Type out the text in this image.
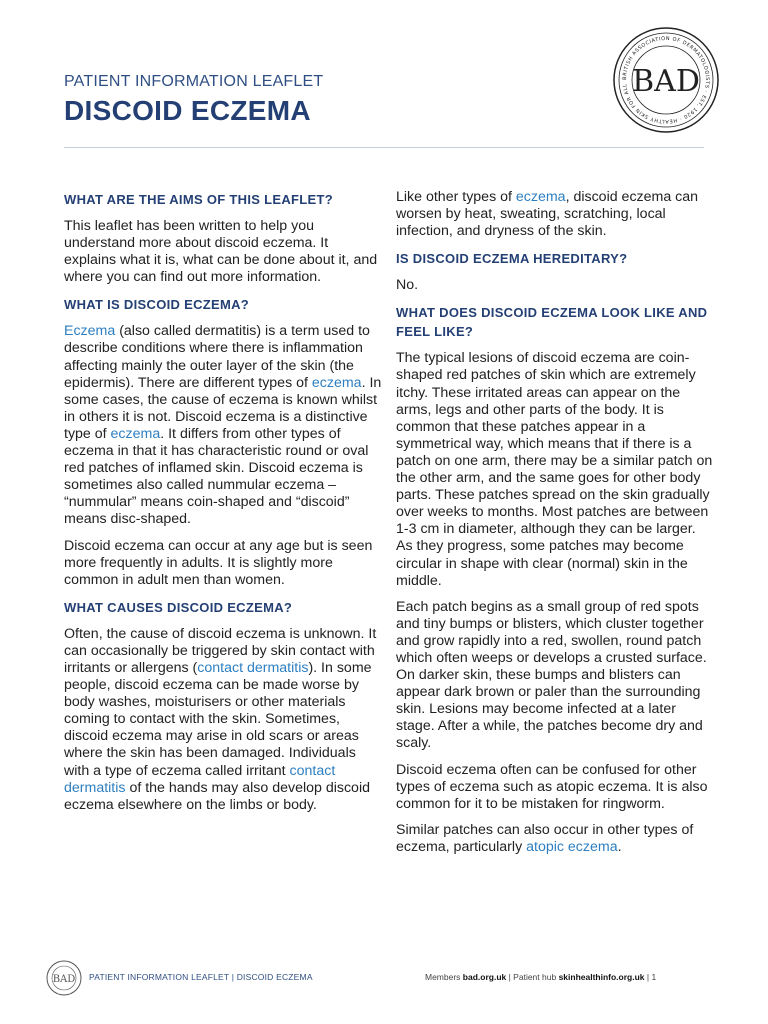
PATIENT INFORMATION LEAFLET
DISCOID ECZEMA
BRITISH ASSOCIATION OF DERMATOLOGISTS · EST. 1920 · HEALTHY SKIN FOR ALL BAD
WHAT ARE THE AIMS OF THIS LEAFLET?

This leaflet has been written to help you understand more about discoid eczema. It explains what it is, what can be done about it, and where you can find out more information.

WHAT IS DISCOID ECZEMA?

Eczema (also called dermatitis) is a term used to describe conditions where there is inflammation affecting mainly the outer layer of the skin (the epidermis). There are different types of eczema. In some cases, the cause of eczema is known whilst in others it is not. Discoid eczema is a distinctive type of eczema. It differs from other types of eczema in that it has characteristic round or oval red patches of inflamed skin. Discoid eczema is sometimes also called nummular eczema – “nummular” means coin-shaped and “discoid” means disc-shaped.

Discoid eczema can occur at any age but is seen more frequently in adults. It is slightly more common in adult men than women.

WHAT CAUSES DISCOID ECZEMA?

Often, the cause of discoid eczema is unknown. It can occasionally be triggered by skin contact with irritants or allergens (contact dermatitis). In some people, discoid eczema can be made worse by body washes, moisturisers or other materials coming to contact with the skin. Sometimes, discoid eczema may arise in old scars or areas where the skin has been damaged. Individuals with a type of eczema called irritant contact dermatitis of the hands may also develop discoid eczema elsewhere on the limbs or body.

Like other types of eczema, discoid eczema can worsen by heat, sweating, scratching, local infection, and dryness of the skin.

IS DISCOID ECZEMA HEREDITARY?

No.

WHAT DOES DISCOID ECZEMA LOOK LIKE AND FEEL LIKE?

The typical lesions of discoid eczema are coin-shaped red patches of skin which are extremely itchy. These irritated areas can appear on the arms, legs and other parts of the body. It is common that these patches appear in a symmetrical way, which means that if there is a patch on one arm, there may be a similar patch on the other arm, and the same goes for other body parts. These patches spread on the skin gradually over weeks to months. Most patches are between 1-3 cm in diameter, although they can be larger. As they progress, some patches may become circular in shape with clear (normal) skin in the middle.

Each patch begins as a small group of red spots and tiny bumps or blisters, which cluster together and grow rapidly into a red, swollen, round patch which often weeps or develops a crusted surface. On darker skin, these bumps and blisters can appear dark brown or paler than the surrounding skin. Lesions may become infected at a later stage. After a while, the patches become dry and scaly.

Discoid eczema often can be confused for other types of eczema such as atopic eczema. It is also common for it to be mistaken for ringworm.

Similar patches can also occur in other types of eczema, particularly atopic eczema.

BAD PATIENT INFORMATION LEAFLET | DISCOID ECZEMA	Members bad.org.uk | Patient hub skinhealthinfo.org.uk | 1
